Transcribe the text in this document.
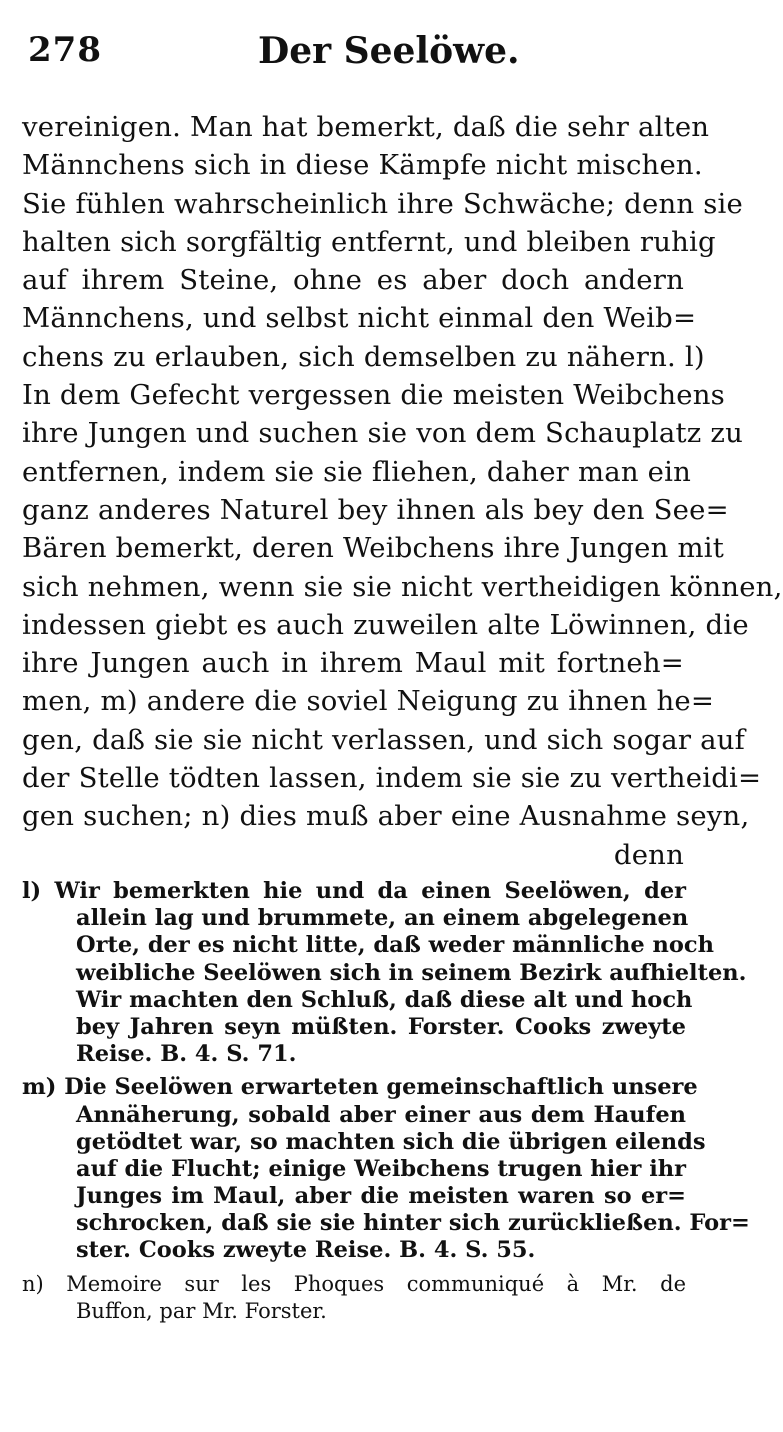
278	Der Seelöwe.
vereinigen. Man hat bemerkt, daß die sehr alten
Männchens sich in diese Kämpfe nicht mischen.
Sie fühlen wahrscheinlich ihre Schwäche; denn sie
halten sich sorgfältig entfernt, und bleiben ruhig
auf ihrem Steine, ohne es aber doch andern
Männchens, und selbst nicht einmal den Weib=
chens zu erlauben, sich demselben zu nähern. l)
In dem Gefecht vergessen die meisten Weibchens
ihre Jungen und suchen sie von dem Schauplatz zu
entfernen, indem sie sie fliehen, daher man ein
ganz anderes Naturel bey ihnen als bey den See=
Bären bemerkt, deren Weibchens ihre Jungen mit
sich nehmen, wenn sie sie nicht vertheidigen können,
indessen giebt es auch zuweilen alte Löwinnen, die
ihre Jungen auch in ihrem Maul mit fortneh=
men, m) andere die soviel Neigung zu ihnen he=
gen, daß sie sie nicht verlassen, und sich sogar auf
der Stelle tödten lassen, indem sie sie zu vertheidi=
gen suchen; n) dies muß aber eine Ausnahme seyn,
denn
l) Wir bemerkten hie und da einen Seelöwen, der
allein lag und brummete, an einem abgelegenen
Orte, der es nicht litte, daß weder männliche noch
weibliche Seelöwen sich in seinem Bezirk aufhielten.
Wir machten den Schluß, daß diese alt und hoch
bey Jahren seyn müßten. Forster. Cooks zweyte
Reise. B. 4. S. 71.
m) Die Seelöwen erwarteten gemeinschaftlich unsere
Annäherung, sobald aber einer aus dem Haufen
getödtet war, so machten sich die übrigen eilends
auf die Flucht; einige Weibchens trugen hier ihr
Junges im Maul, aber die meisten waren so er=
schrocken, daß sie sie hinter sich zurückließen. For=
ster. Cooks zweyte Reise. B. 4. S. 55.
n) Memoire sur les Phoques communiqué à Mr. de
Buffon, par Mr. Forster.
